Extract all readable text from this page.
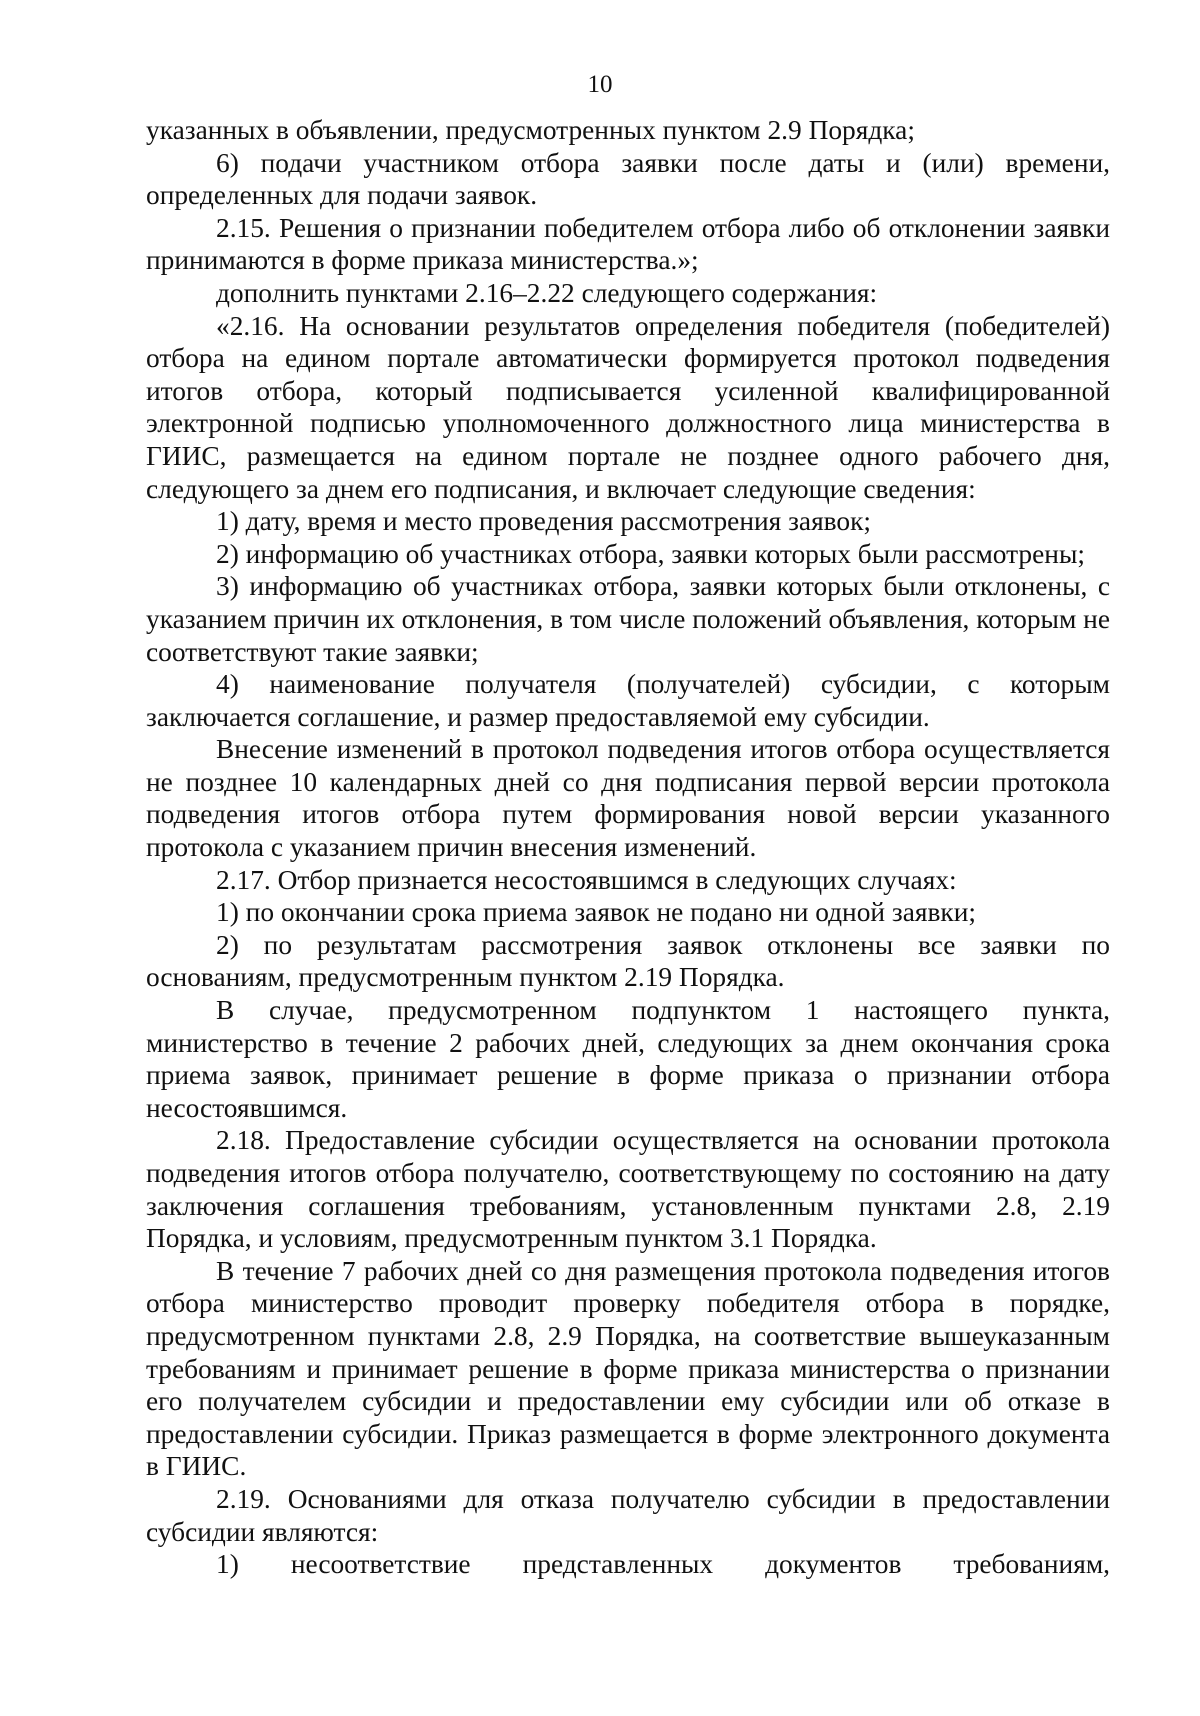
10

указанных в объявлении, предусмотренных пунктом 2.9 Порядка;

6) подачи участником отбора заявки после даты и (или) времени, определенных для подачи заявок.

2.15. Решения о признании победителем отбора либо об отклонении заявки принимаются в форме приказа министерства.»;

дополнить пунктами 2.16–2.22 следующего содержания:

«2.16. На основании результатов определения победителя (победителей) отбора на едином портале автоматически формируется протокол подведения итогов отбора, который подписывается усиленной квалифицированной электронной подписью уполномоченного должностного лица министерства в ГИИС, размещается на едином портале не позднее одного рабочего дня, следующего за днем его подписания, и включает следующие сведения:

1) дату, время и место проведения рассмотрения заявок;

2) информацию об участниках отбора, заявки которых были рассмотрены;

3) информацию об участниках отбора, заявки которых были отклонены, с указанием причин их отклонения, в том числе положений объявления, которым не соответствуют такие заявки;

4) наименование получателя (получателей) субсидии, с которым заключается соглашение, и размер предоставляемой ему субсидии.

Внесение изменений в протокол подведения итогов отбора осуществляется не позднее 10 календарных дней со дня подписания первой версии протокола подведения итогов отбора путем формирования новой версии указанного протокола с указанием причин внесения изменений.

2.17. Отбор признается несостоявшимся в следующих случаях:

1) по окончании срока приема заявок не подано ни одной заявки;

2) по результатам рассмотрения заявок отклонены все заявки по основаниям, предусмотренным пунктом 2.19 Порядка.

В случае, предусмотренном подпунктом 1 настоящего пункта, министерство в течение 2 рабочих дней, следующих за днем окончания срока приема заявок, принимает решение в форме приказа о признании отбора несостоявшимся.

2.18. Предоставление субсидии осуществляется на основании протокола подведения итогов отбора получателю, соответствующему по состоянию на дату заключения соглашения требованиям, установленным пунктами 2.8, 2.19 Порядка, и условиям, предусмотренным пунктом 3.1 Порядка.

В течение 7 рабочих дней со дня размещения протокола подведения итогов отбора министерство проводит проверку победителя отбора в порядке, предусмотренном пунктами 2.8, 2.9 Порядка, на соответствие вышеуказанным требованиям и принимает решение в форме приказа министерства о признании его получателем субсидии и предоставлении ему субсидии или об отказе в предоставлении субсидии. Приказ размещается в форме электронного документа в ГИИС.

2.19. Основаниями для отказа получателю субсидии в предоставлении субсидии являются:

1) несоответствие представленных документов требованиям,
